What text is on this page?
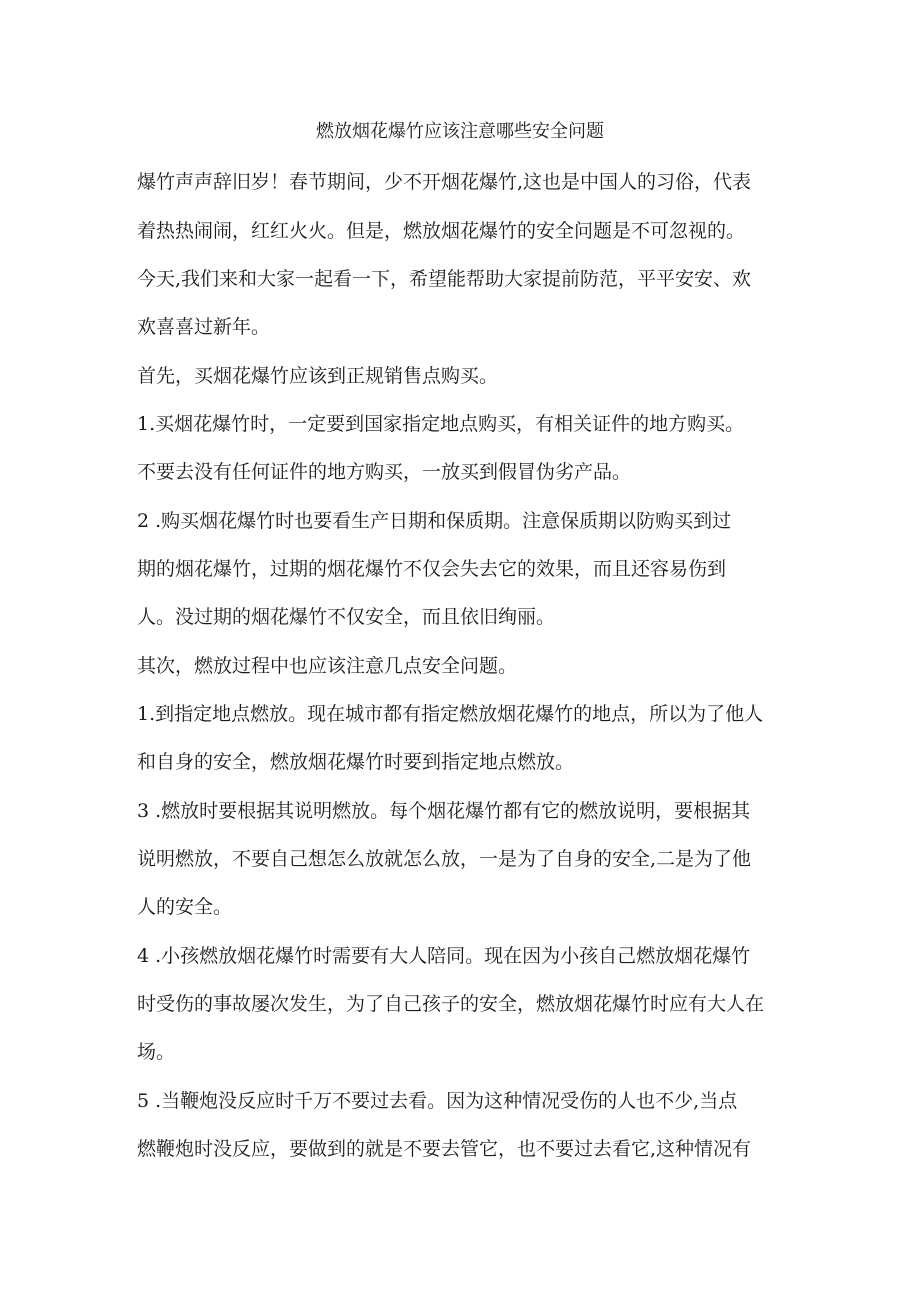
燃放烟花爆竹应该注意哪些安全问题
爆竹声声辞旧岁！春节期间，少不开烟花爆竹,这也是中国人的习俗，代表
着热热闹闹，红红火火。但是，燃放烟花爆竹的安全问题是不可忽视的。
今天,我们来和大家一起看一下，希望能帮助大家提前防范，平平安安、欢
欢喜喜过新年。
首先，买烟花爆竹应该到正规销售点购买。
1.买烟花爆竹时，一定要到国家指定地点购买，有相关证件的地方购买。
不要去没有任何证件的地方购买，一放买到假冒伪劣产品。
2 .购买烟花爆竹时也要看生产日期和保质期。注意保质期以防购买到过
期的烟花爆竹，过期的烟花爆竹不仅会失去它的效果，而且还容易伤到
人。没过期的烟花爆竹不仅安全，而且依旧绚丽。
其次，燃放过程中也应该注意几点安全问题。
1.到指定地点燃放。现在城市都有指定燃放烟花爆竹的地点，所以为了他人
和自身的安全，燃放烟花爆竹时要到指定地点燃放。
3 .燃放时要根据其说明燃放。每个烟花爆竹都有它的燃放说明，要根据其
说明燃放，不要自己想怎么放就怎么放，一是为了自身的安全,二是为了他
人的安全。
4 .小孩燃放烟花爆竹时需要有大人陪同。现在因为小孩自己燃放烟花爆竹
时受伤的事故屡次发生，为了自己孩子的安全，燃放烟花爆竹时应有大人在
场。
5 .当鞭炮没反应时千万不要过去看。因为这种情况受伤的人也不少,当点
燃鞭炮时没反应，要做到的就是不要去管它，也不要过去看它,这种情况有
